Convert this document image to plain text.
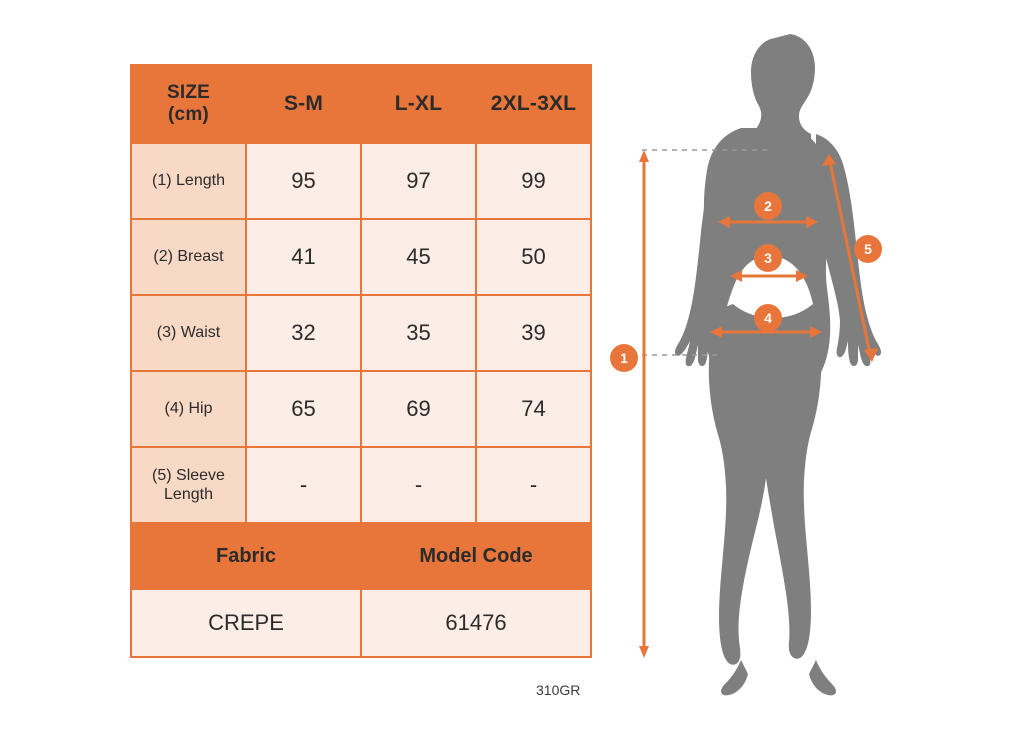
SIZE
(cm)	S-M	L-XL	2XL-3XL
(1) Length	95	97	99
(2) Breast	41	45	50
(3) Waist	32	35	39
(4) Hip	65	69	74
(5) Sleeve Length	-	-	-
Fabric		Model Code	
CREPE		61476	
310GR
1
2
3
4
5
